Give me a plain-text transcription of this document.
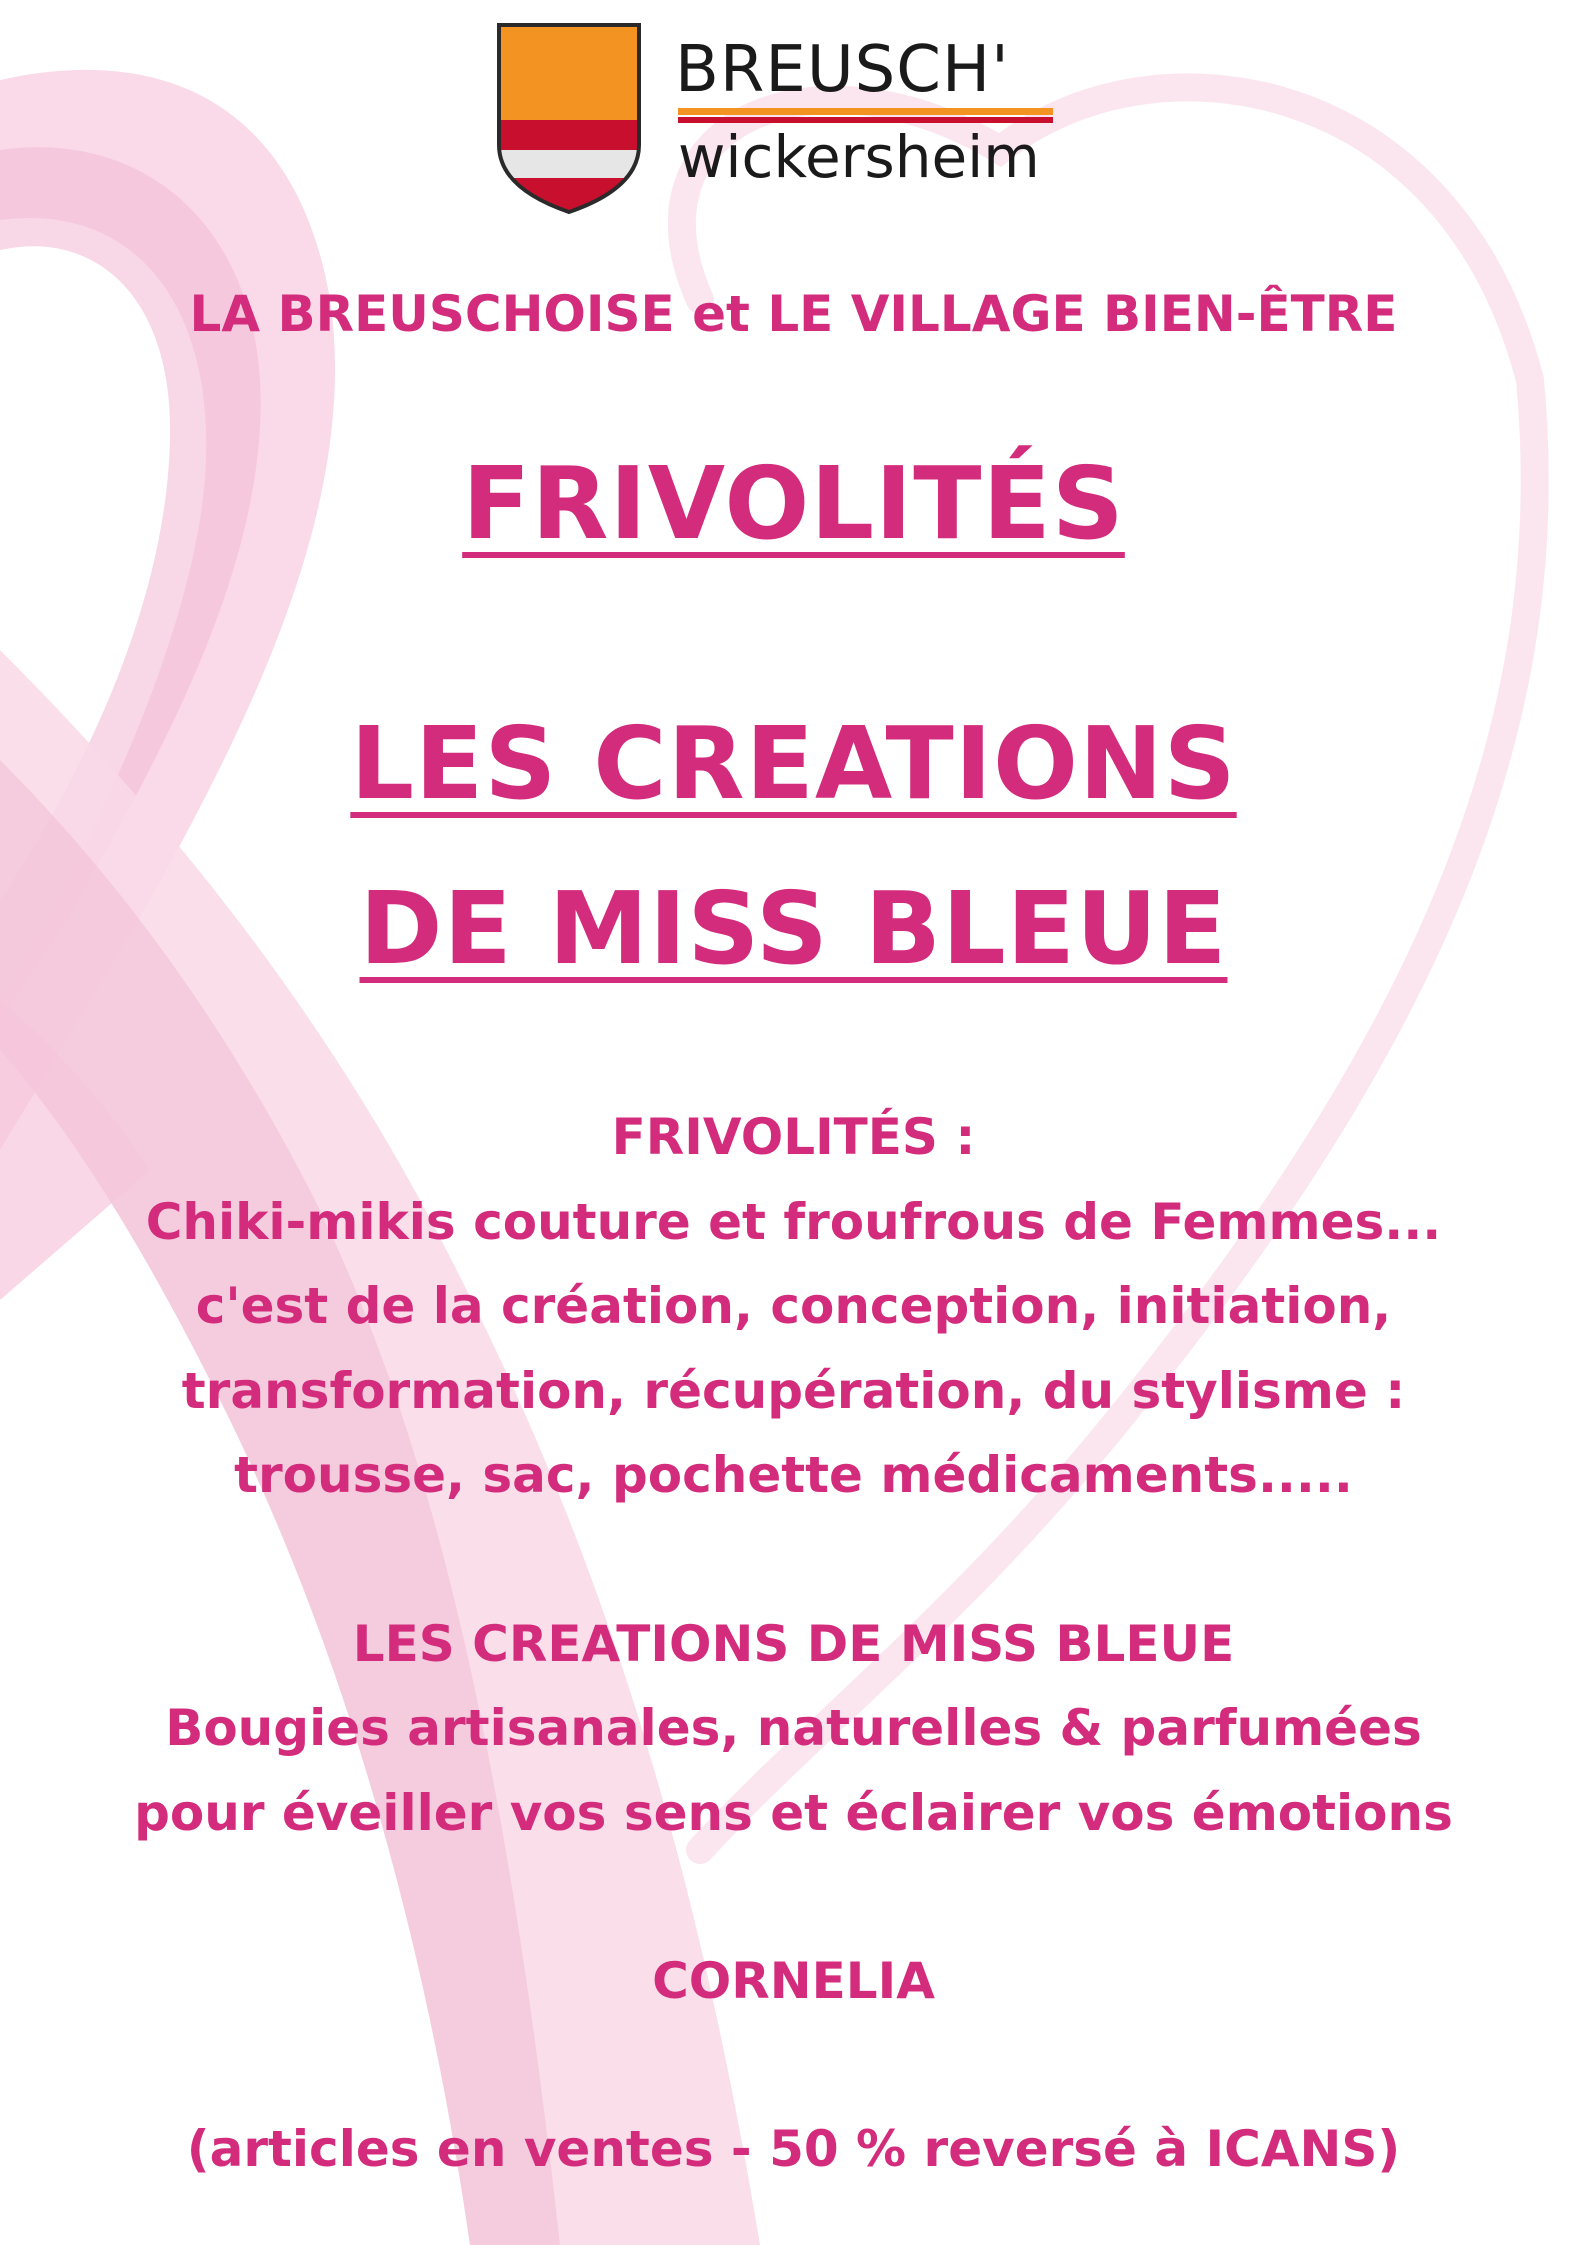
BREUSCH'
wickersheim

LA BREUSCHOISE et LE VILLAGE BIEN-ÊTRE

FRIVOLITÉS

LES CREATIONS

DE MISS BLEUE

FRIVOLITÉS :

Chiki-mikis couture et froufrous de Femmes...

c'est de la création, conception, initiation,

transformation, récupération, du stylisme :

trousse, sac, pochette médicaments.....

LES CREATIONS DE MISS BLEUE

Bougies artisanales, naturelles & parfumées

pour éveiller vos sens et éclairer vos émotions

CORNELIA

(articles en ventes - 50 % reversé à ICANS)
